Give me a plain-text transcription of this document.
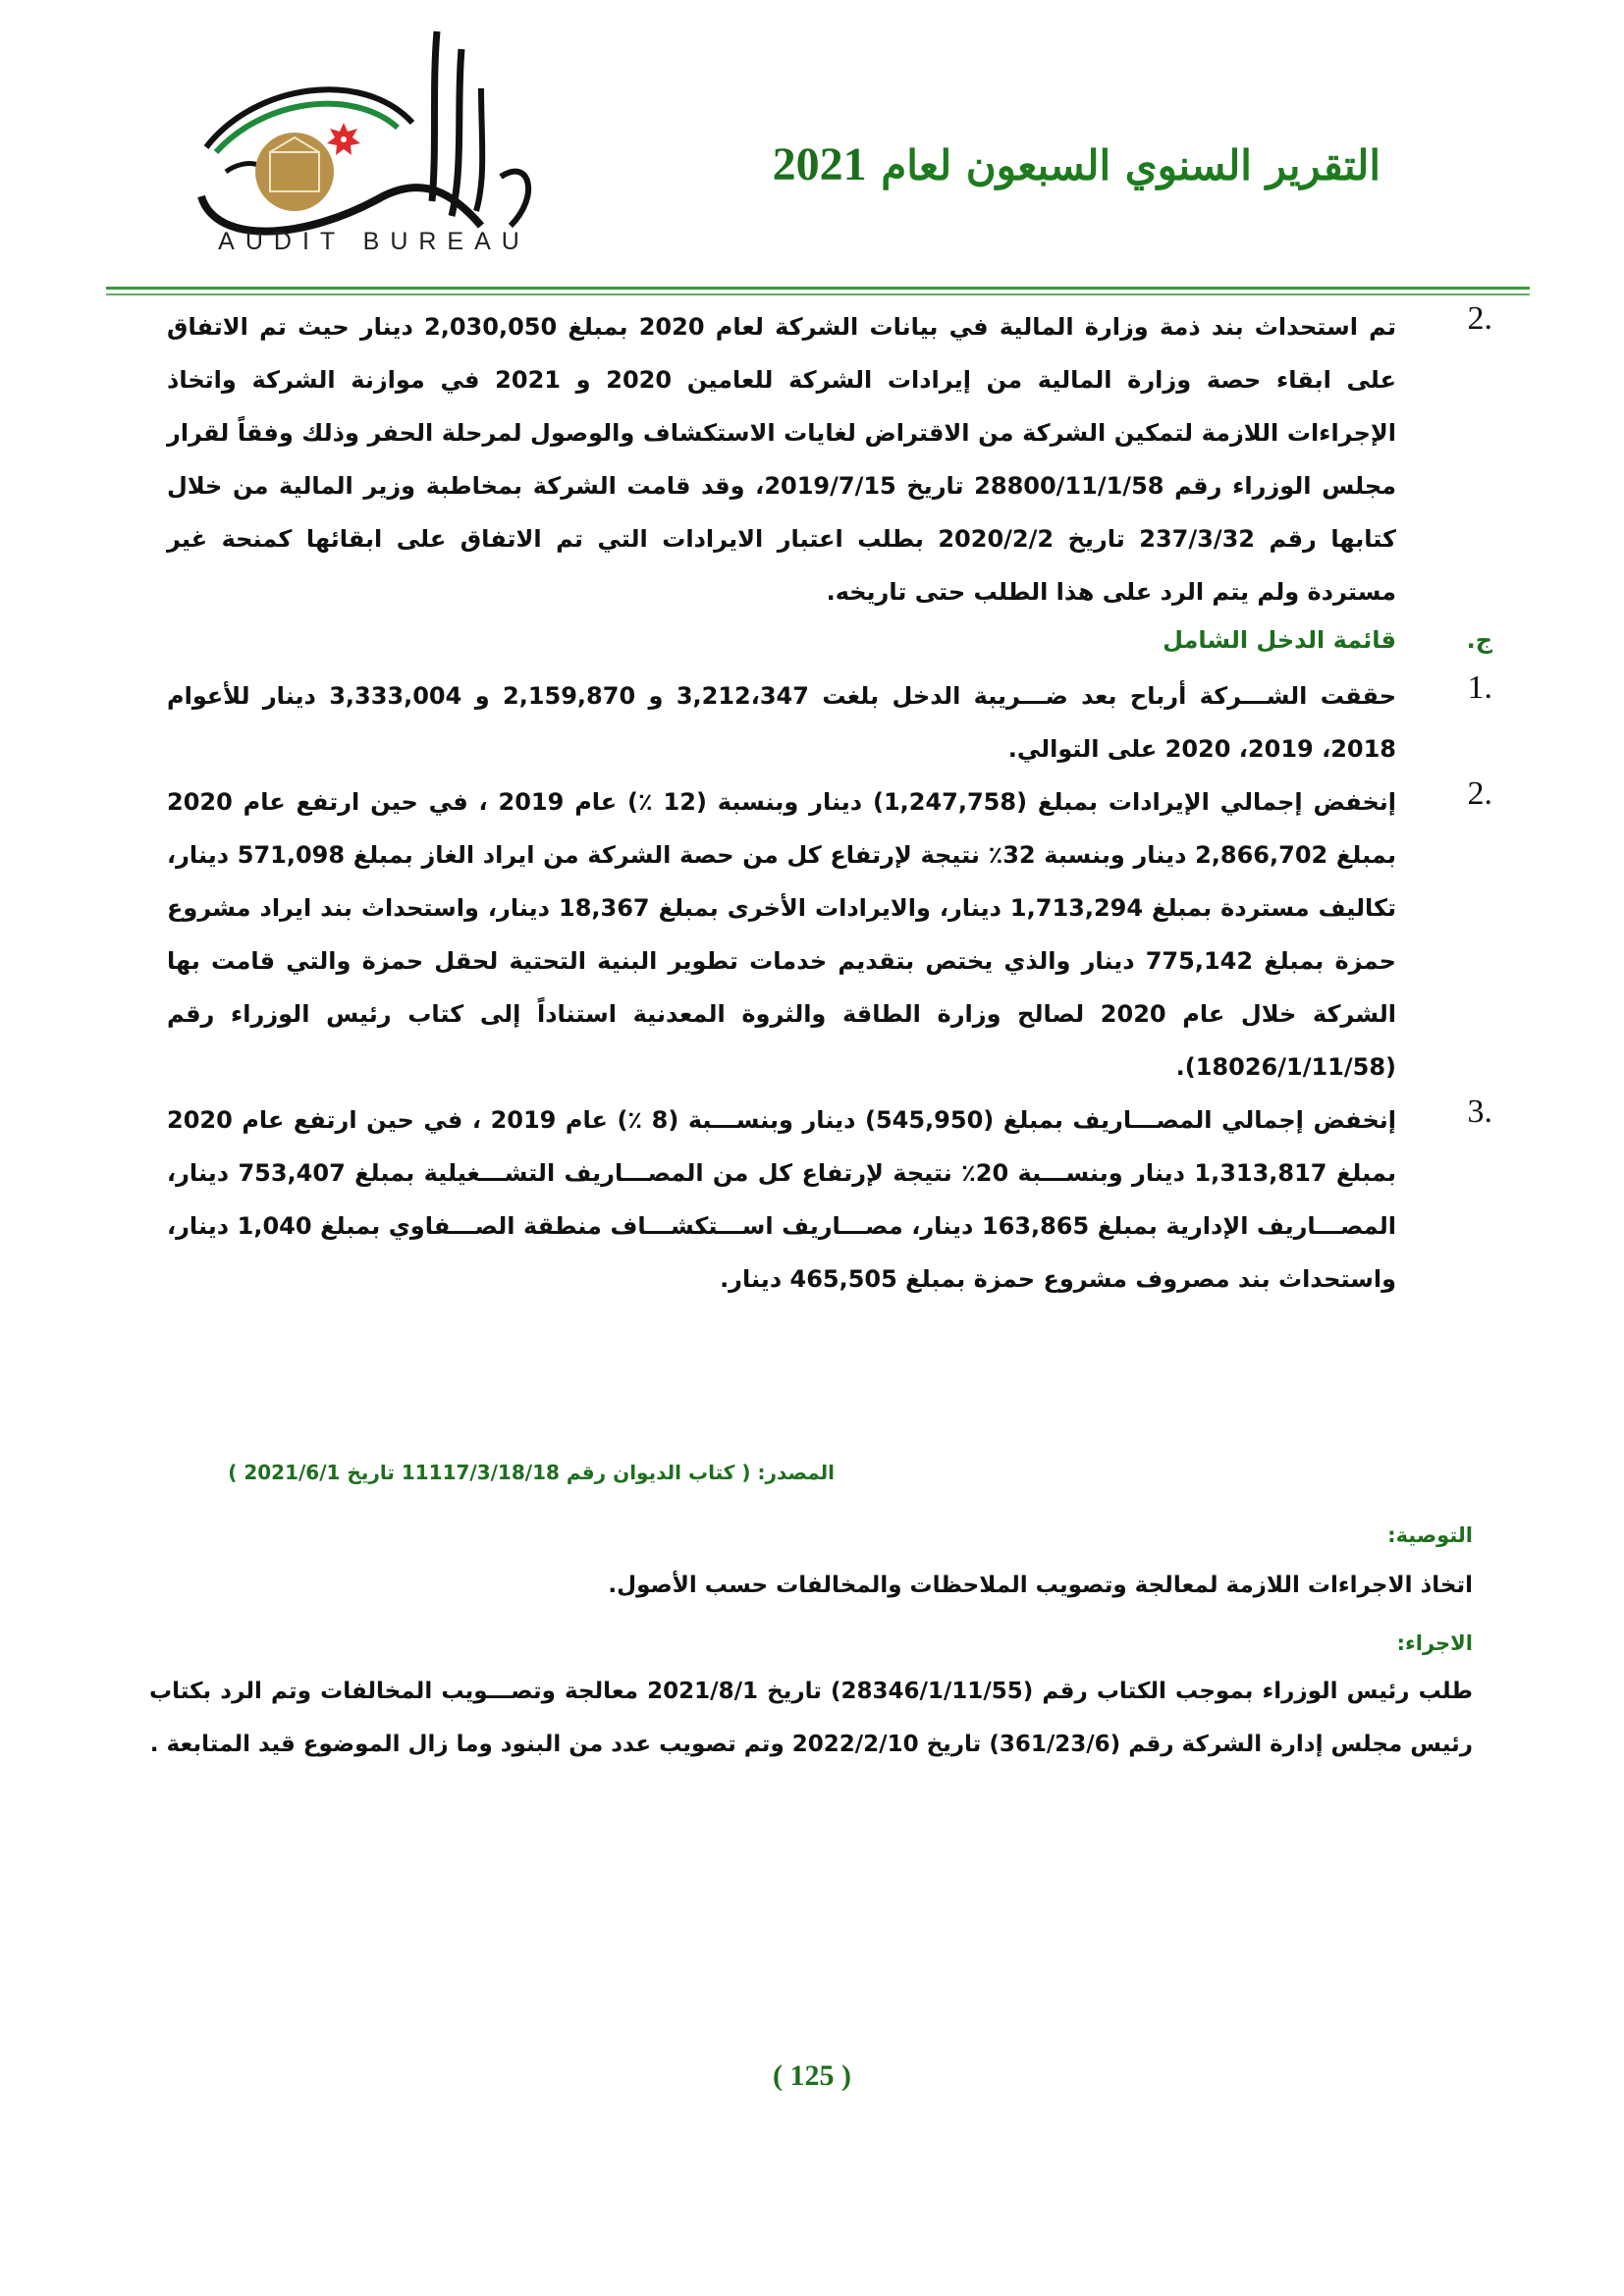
AUDIT BUREAU
التقرير السنوي السبعون لعام 2021
2.
تم استحداث بند ذمة وزارة المالية في بيانات الشركة لعام 2020 بمبلغ 2,030,050 دينار حيث تم الاتفاق على ابقاء حصة وزارة المالية من إيرادات الشركة للعامين 2020 و 2021 في موازنة الشركة واتخاذ الإجراءات اللازمة لتمكين الشركة من الاقتراض لغايات الاستكشاف والوصول لمرحلة الحفر وذلك وفقاً لقرار مجلس الوزراء رقم 28800/11/1/58 تاريخ 2019/7/15، وقد قامت الشركة بمخاطبة وزير المالية من خلال كتابها رقم 237/3/32 تاريخ 2020/2/2 بطلب اعتبار الايرادات التي تم الاتفاق على ابقائها كمنحة غير مستردة ولم يتم الرد على هذا الطلب حتى تاريخه.
ج.
قائمة الدخل الشامل
1.
حققت الشـــركة أرباح بعد ضـــريبة الدخل بلغت 3,212،347 و 2,159,870 و 3,333,004 دينار للأعوام 2018، 2019، 2020 على التوالي.
2.
إنخفض إجمالي الإيرادات بمبلغ (1,247,758) دينار وبنسبة (12 ٪) عام 2019 ، في حين ارتفع عام 2020 بمبلغ 2,866,702 دينار وبنسبة 32٪ نتيجة لإرتفاع كل من حصة الشركة من ايراد الغاز بمبلغ 571,098 دينار، تكاليف مستردة بمبلغ 1,713,294 دينار، والايرادات الأخرى بمبلغ 18,367 دينار، واستحداث بند ايراد مشروع حمزة بمبلغ 775,142 دينار والذي يختص بتقديم خدمات تطوير البنية التحتية لحقل حمزة والتي قامت بها الشركة خلال عام 2020 لصالح وزارة الطاقة والثروة المعدنية استناداً إلى كتاب رئيس الوزراء رقم (18026/1/11/58).
3.
إنخفض إجمالي المصـــاريف بمبلغ (545,950) دينار وبنســـبة (8 ٪) عام 2019 ، في حين ارتفع عام 2020 بمبلغ 1,313,817 دينار وبنســـبة 20٪ نتيجة لإرتفاع كل من المصـــاريف التشـــغيلية بمبلغ 753,407 دينار، المصـــاريف الإدارية بمبلغ 163,865 دينار، مصـــاريف اســـتكشـــاف منطقة الصـــفاوي بمبلغ 1,040 دينار، واستحداث بند مصروف مشروع حمزة بمبلغ 465,505 دينار.
المصدر: ( كتاب الديوان رقم 11117/3/18/18 تاريخ 2021/6/1 )
التوصية:
اتخاذ الاجراءات اللازمة لمعالجة وتصويب الملاحظات والمخالفات حسب الأصول.
الاجراء:
طلب رئيس الوزراء بموجب الكتاب رقم (28346/1/11/55) تاريخ 2021/8/1 معالجة وتصـــويب المخالفات وتم الرد بكتاب رئيس مجلس إدارة الشركة رقم (361/23/6) تاريخ 2022/2/10 وتم تصويب عدد من البنود وما زال الموضوع قيد المتابعة .
( 125 )
